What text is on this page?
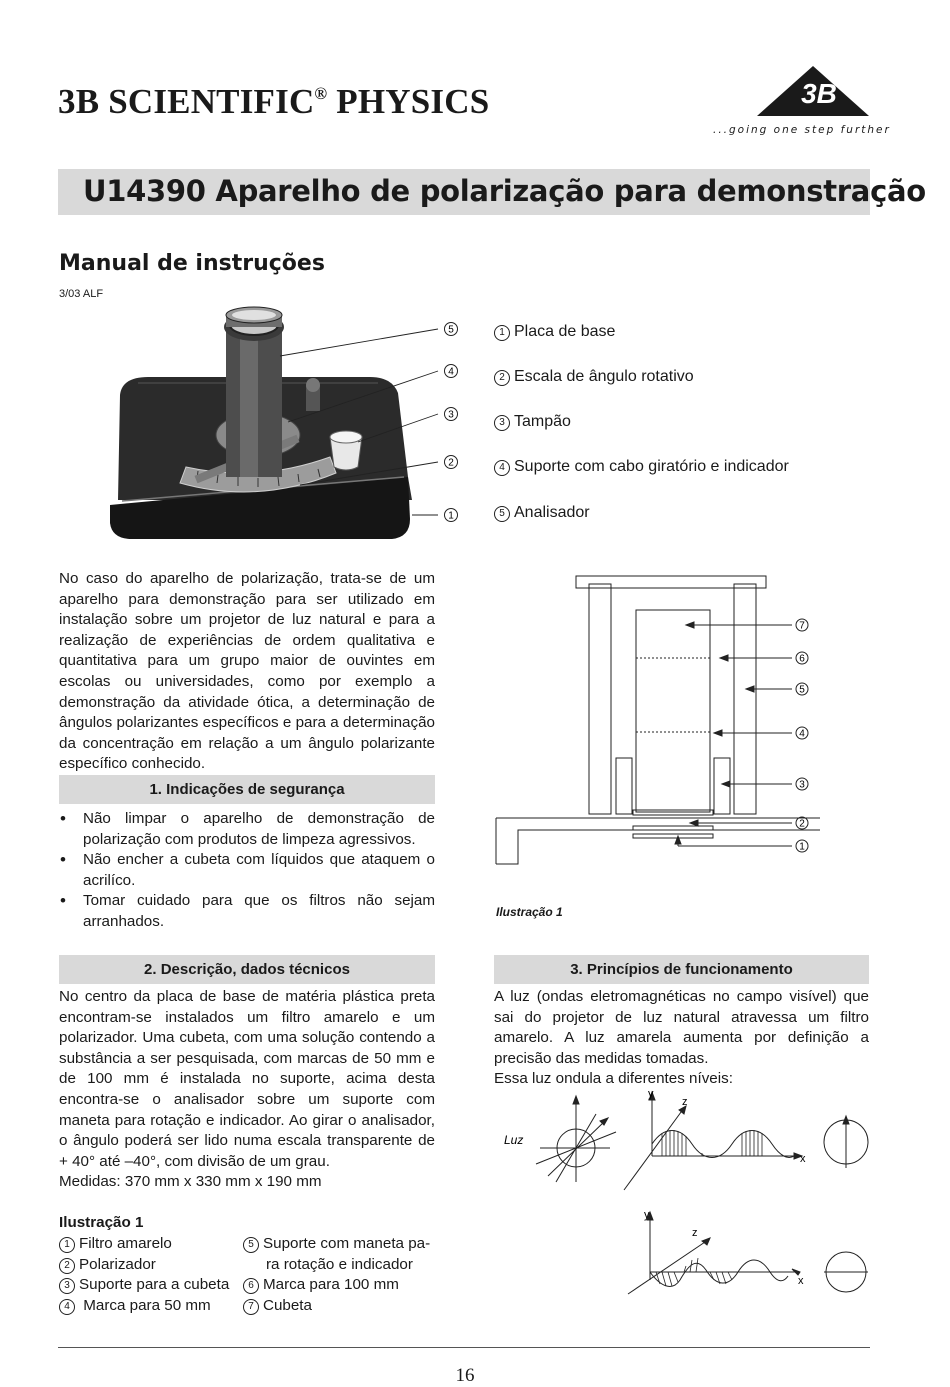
3B SCIENTIFIC® PHYSICS	3B
...going one step further
U14390 Aparelho de polarização para demonstração
Manual de instruções
3/03 ALF
5
4
3
2
1
1 Placa de base
2 Escala de ângulo rotativo
3 Tampão
4 Suporte com cabo giratório e indicador
5 Analisador

No caso do aparelho de polarização, trata-se de um aparelho para demonstração para ser utilizado em instalação sobre um projetor de luz natural e para a realização de experiências de ordem qualitativa e quantitativa para um grupo maior de ouvintes em escolas ou universidades, como por exemplo a demonstração da atividade ótica, a determinação de ângulos polarizantes específicos e para a determinação da concentração em relação a um ângulo polarizante específico conhecido.

1. Indicações de segurança
• Não limpar o aparelho de demonstração de polarização com produtos de limpeza agressivos.
• Não encher a cubeta com líquidos que ataquem o acrilíco.
• Tomar cuidado para que os filtros não sejam arranhados.
2. Descrição, dados técnicos

No centro da placa de base de matéria plástica preta encontram-se instalados um filtro amarelo e um polarizador. Uma cubeta, com uma solução contendo a substância a ser pesquisada, com marcas de 50 mm e de 100 mm é instalada no suporte, acima desta encontra-se o analisador sobre um suporte com maneta para rotação e indicador. Ao girar o analisador, o ângulo poderá ser lido numa escala transparente de + 40° até –40°, com divisão de um grau.

Medidas: 370 mm x 330 mm x 190 mm

Ilustração 1
1 Filtro amarelo
2 Polarizador
3 Suporte para a cubeta
4 Marca para 50 mm
5 Suporte com maneta pa-
ra rotação e indicador
6 Marca para 100 mm
7 Cubeta
7
6
5
4
3
2
1
Ilustração 1
3. Princípios de funcionamento

A luz (ondas eletromagnéticas no campo visível) que sai do projetor de luz natural atravessa um filtro amarelo. A luz amarela aumenta por definição a precisão das medidas tomadas.

Essa luz ondula a diferentes níveis:

Luz
y
z
x
y
z
x
16
